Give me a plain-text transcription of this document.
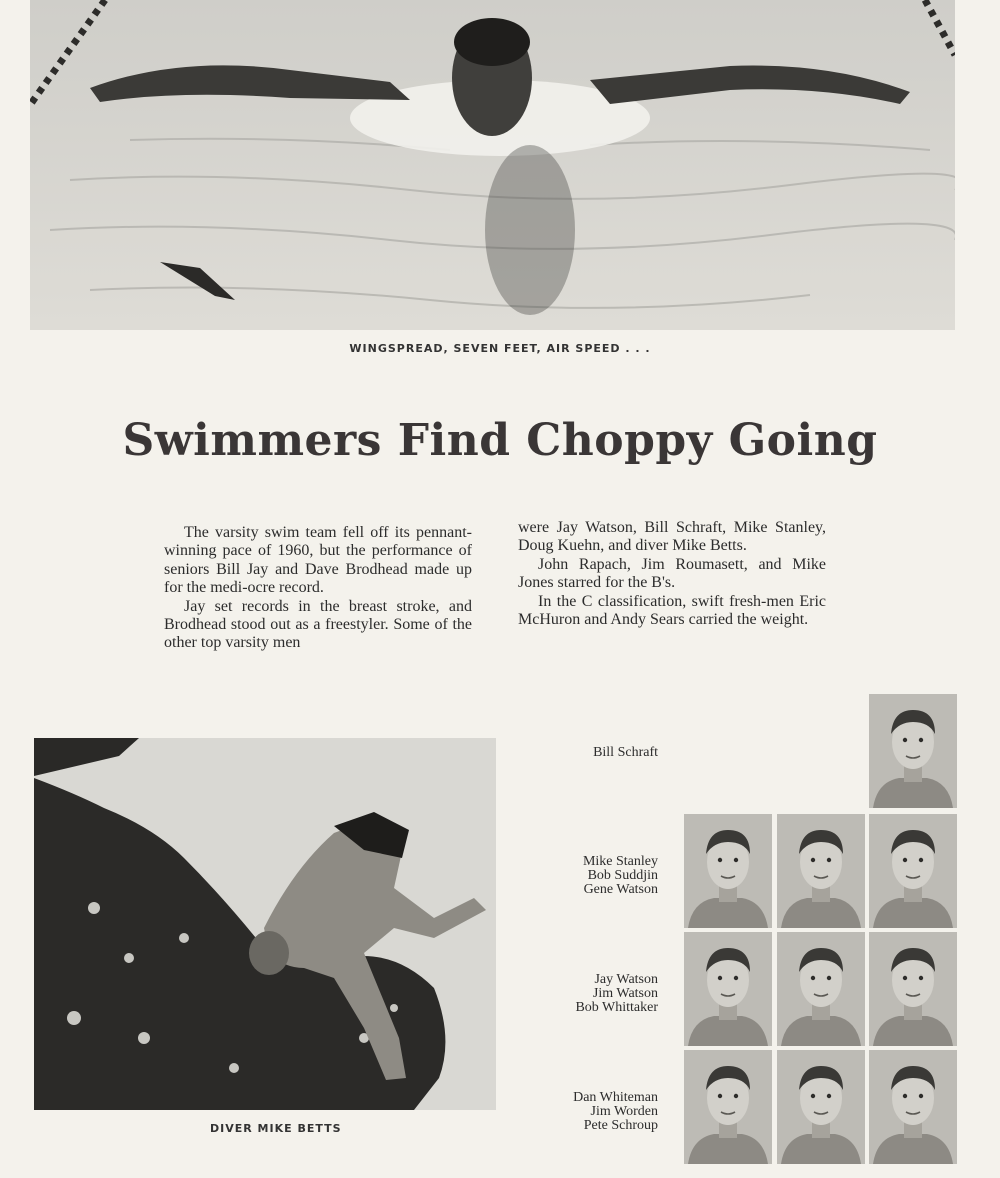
WINGSPREAD, SEVEN FEET, AIR SPEED . . .
Swimmers Find Choppy Going

The varsity swim team fell off its pennant-winning pace of 1960, but the performance of seniors Bill Jay and Dave Brodhead made up for the medi-ocre record.

Jay set records in the breast stroke, and Brodhead stood out as a freestyler. Some of the other top varsity men

were Jay Watson, Bill Schraft, Mike Stanley, Doug Kuehn, and diver Mike Betts.

John Rapach, Jim Roumasett, and Mike Jones starred for the B's.

In the C classification, swift fresh-men Eric McHuron and Andy Sears carried the weight.

DIVER MIKE BETTS
Bill Schraft
Mike Stanley
Bob Suddjin
Gene Watson
Jay Watson
Jim Watson
Bob Whittaker
Dan Whiteman
Jim Worden
Pete Schroup
